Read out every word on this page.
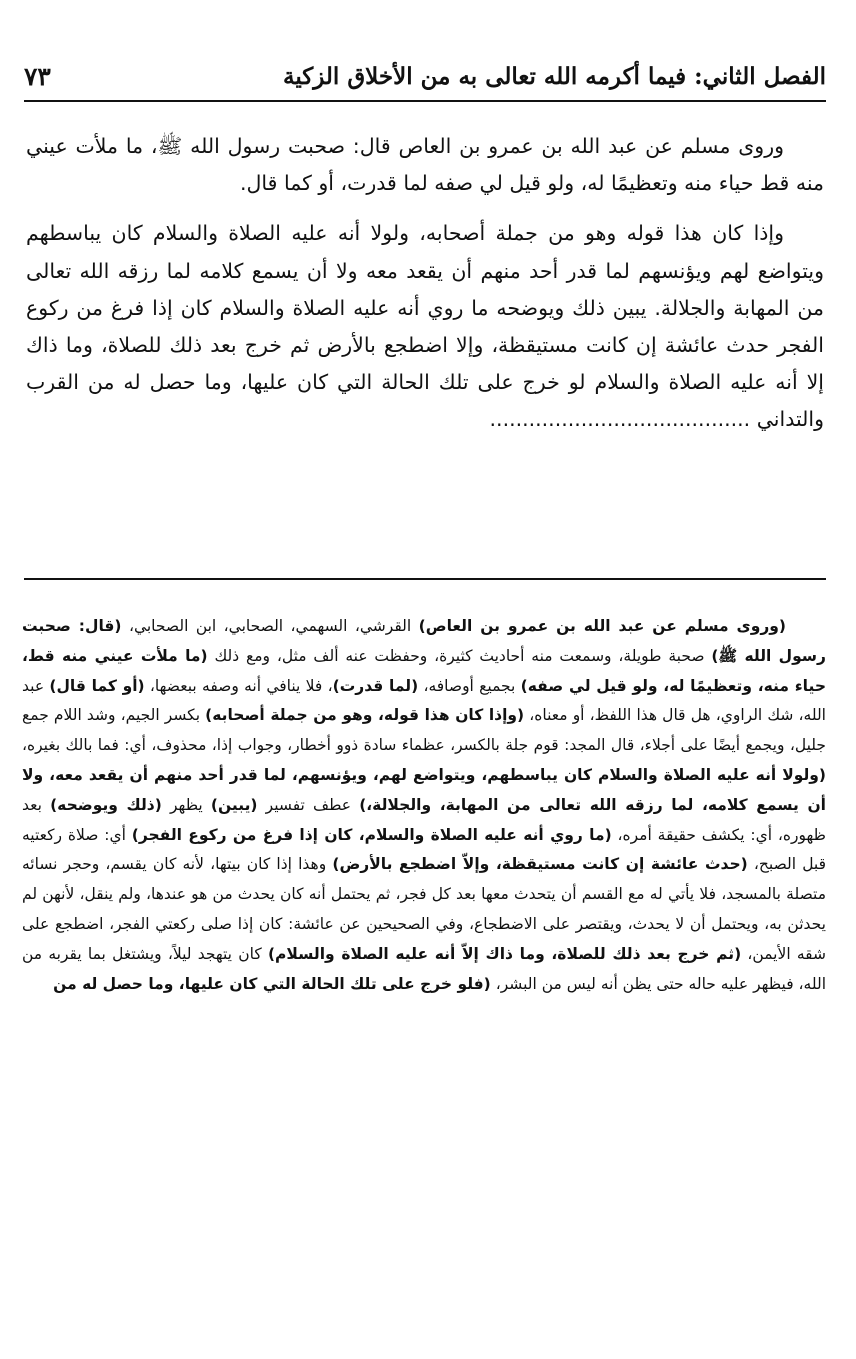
الفصل الثاني: فيما أكرمه الله تعالى به من الأخلاق الزكية
٧٣

وروى مسلم عن عبد الله بن عمرو بن العاص قال: صحبت رسول الله ﷺ، ما ملأت عيني منه قط حياء منه وتعظيمًا له، ولو قيل لي صفه لما قدرت، أو كما قال.

وإذا كان هذا قوله وهو من جملة أصحابه، ولولا أنه عليه الصلاة والسلام كان يباسطهم ويتواضع لهم ويؤنسهم لما قدر أحد منهم أن يقعد معه ولا أن يسمع كلامه لما رزقه الله تعالى من المهابة والجلالة. يبين ذلك ويوضحه ما روي أنه عليه الصلاة والسلام كان إذا فرغ من ركوع الفجر حدث عائشة إن كانت مستيقظة، وإلا اضطجع بالأرض ثم خرج بعد ذلك للصلاة، وما ذاك إلا أنه عليه الصلاة والسلام لو خرج على تلك الحالة التي كان عليها، وما حصل له من القرب والتداني ........................................

(وروى مسلم عن عبد الله بن عمرو بن العاص) القرشي، السهمي، الصحابي، ابن الصحابي، (قال: صحبت رسول الله ﷺ) صحبة طويلة، وسمعت منه أحاديث كثيرة، وحفظت عنه ألف مثل، ومع ذلك (ما ملأت عيني منه قط، حياء منه، وتعظيمًا له، ولو قيل لي صفه) بجميع أوصافه، (لما قدرت)، فلا ينافي أنه وصفه ببعضها، (أو كما قال) عبد الله، شك الراوي، هل قال هذا اللفظ، أو معناه، (وإذا كان هذا قوله، وهو من جملة أصحابه) بكسر الجيم، وشد اللام جمع جليل، ويجمع أيضًا على أجلاء، قال المجد: قوم جلة بالكسر، عظماء سادة ذوو أخطار، وجواب إذا، محذوف، أي: فما بالك بغيره، (ولولا أنه عليه الصلاة والسلام كان يباسطهم، ويتواضع لهم، ويؤنسهم، لما قدر أحد منهم أن يقعد معه، ولا أن يسمع كلامه، لما رزقه الله تعالى من المهابة، والجلالة،) عطف تفسير (يبين) يظهر (ذلك ويوضحه) بعد ظهوره، أي: يكشف حقيقة أمره، (ما روي أنه عليه الصلاة والسلام، كان إذا فرغ من ركوع الفجر) أي: صلاة ركعتيه قبل الصبح، (حدث عائشة إن كانت مستيقظة، وإلاّ اضطجع بالأرض) وهذا إذا كان بيتها، لأنه كان يقسم، وحجر نسائه متصلة بالمسجد، فلا يأتي له مع القسم أن يتحدث معها بعد كل فجر، ثم يحتمل أنه كان يحدث من هو عندها، ولم ينقل، لأنهن لم يحدثن به، ويحتمل أن لا يحدث، ويقتصر على الاضطجاع، وفي الصحيحين عن عائشة: كان إذا صلى ركعتي الفجر، اضطجع على شقه الأيمن، (ثم خرج بعد ذلك للصلاة، وما ذاك إلاّ أنه عليه الصلاة والسلام) كان يتهجد ليلاً، ويشتغل بما يقربه من الله، فيظهر عليه حاله حتى يظن أنه ليس من البشر، (فلو خرج على تلك الحالة التي كان عليها، وما حصل له من
